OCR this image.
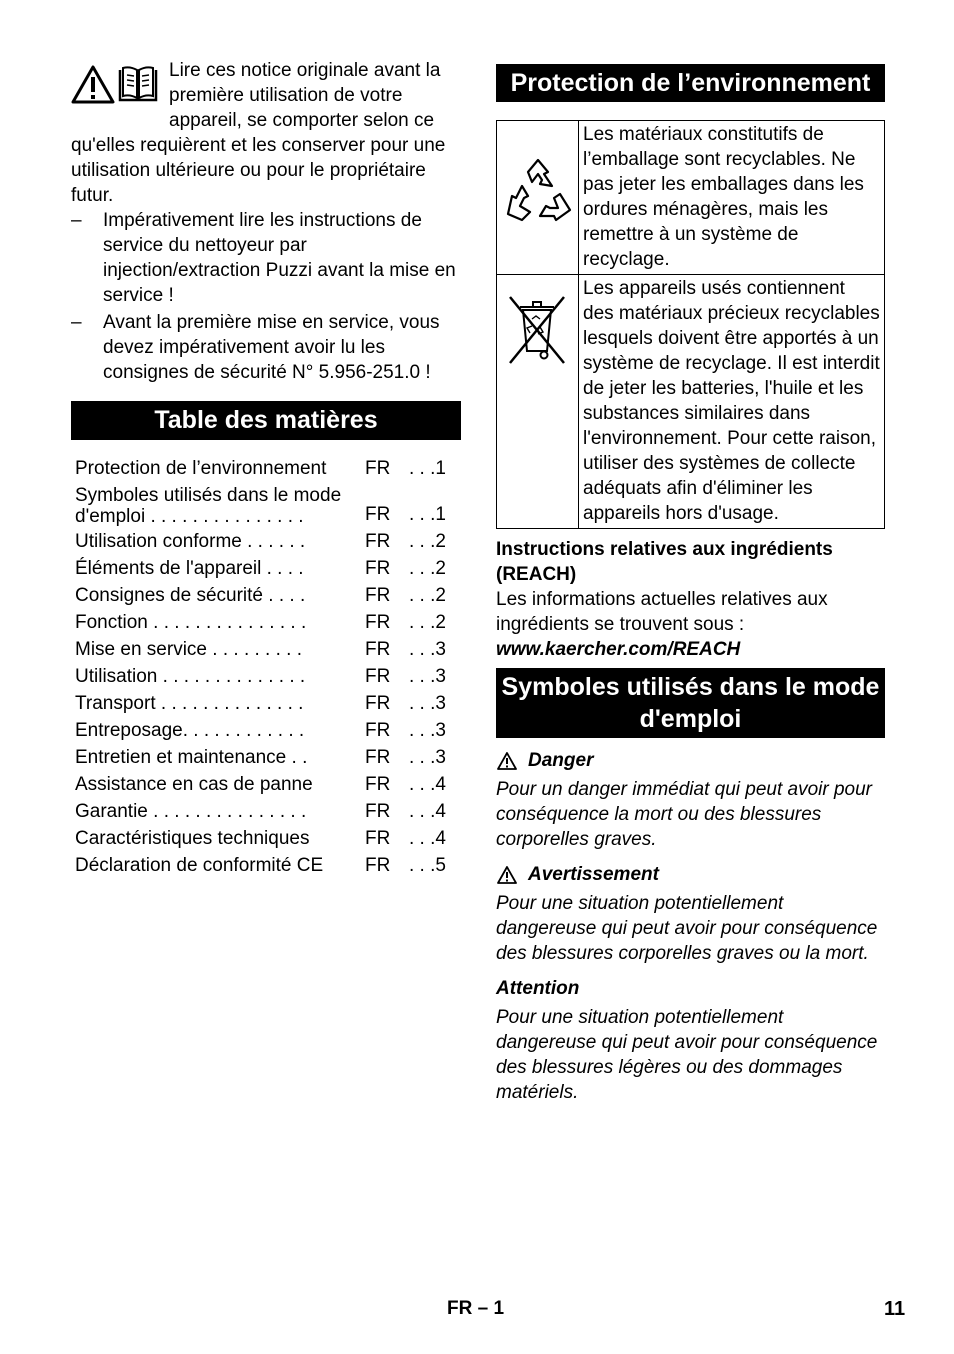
Lire ces notice originale avant la première utilisation de votre appareil, se comporter selon ce qu'elles requièrent et les conserver pour une utilisation ultérieure ou pour le propriétaire futur.

– Impérativement lire les instructions de service du nettoyeur par injection/extraction Puzzi avant la mise en service !
– Avant la première mise en service, vous devez impérativement avoir lu les consignes de sécurité N° 5.956-251.0 !
Table des matières
Protection de l’environnement	FR	. . .1
Symboles utilisés dans le mode d'emploi . . . . . . . . . . . . . . .	FR	. . .1
Utilisation conforme . . . . . .	FR	. . .2
Éléments de l'appareil . . . .	FR	. . .2
Consignes de sécurité . . . .	FR	. . .2
Fonction . . . . . . . . . . . . . . .	FR	. . .2
Mise en service . . . . . . . . .	FR	. . .3
Utilisation . . . . . . . . . . . . . .	FR	. . .3
Transport . . . . . . . . . . . . . .	FR	. . .3
Entreposage. . . . . . . . . . . .	FR	. . .3
Entretien et maintenance . .	FR	. . .3
Assistance en cas de panne	FR	. . .4
Garantie . . . . . . . . . . . . . . .	FR	. . .4
Caractéristiques techniques	FR	. . .4
Déclaration de conformité CE	FR	. . .5
Protection de l’environnement
	Les matériaux constitutifs de l’emballage sont recyclables. Ne pas jeter les emballages dans les ordures ménagères, mais les remettre à un système de recyclage.
	Les appareils usés contiennent des matériaux précieux recyclables lesquels doivent être apportés à un système de recyclage. Il est interdit de jeter les batteries, l'huile et les substances similaires dans l'environnement. Pour cette raison, utiliser des systèmes de collecte adéquats afin d'éliminer les appareils hors d'usage.
Instructions relatives aux ingrédients (REACH)

Les informations actuelles relatives aux ingrédients se trouvent sous :

www.kaercher.com/REACH
Symboles utilisés dans le mode d'emploi
Danger

Pour un danger immédiat qui peut avoir pour conséquence la mort ou des blessures corporelles graves.

Avertissement

Pour une situation potentiellement dangereuse qui peut avoir pour conséquence des blessures corporelles graves ou la mort.

Attention

Pour une situation potentiellement dangereuse qui peut avoir pour conséquence des blessures légères ou des dommages matériels.

FR – 1	11
